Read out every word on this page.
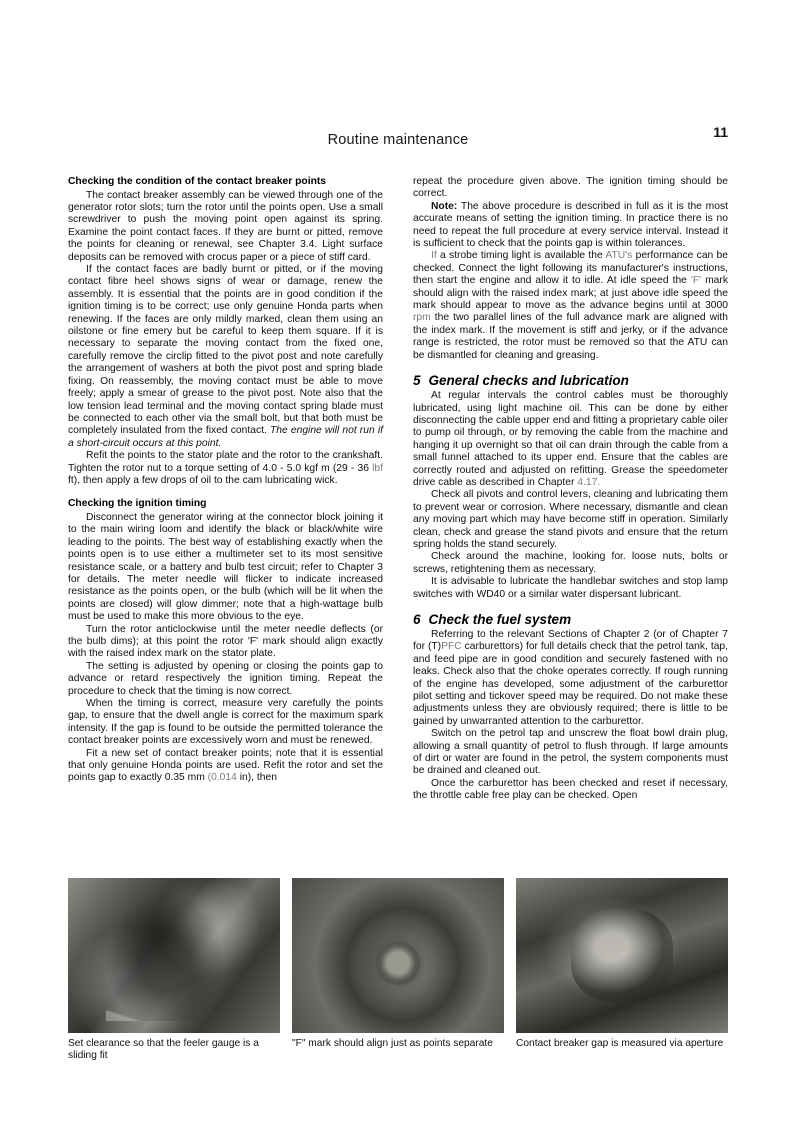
Routine maintenance	11
Checking the condition of the contact breaker points

The contact breaker assembly can be viewed through one of the generator rotor slots; turn the rotor until the points open. Use a small screwdriver to push the moving point open against its spring. Examine the point contact faces. If they are burnt or pitted, remove the points for cleaning or renewal, see Chapter 3.4. Light surface deposits can be removed with crocus paper or a piece of stiff card.

If the contact faces are badly burnt or pitted, or if the moving contact fibre heel shows signs of wear or damage, renew the assembly. It is essential that the points are in good condition if the ignition timing is to be correct; use only genuine Honda parts when renewing. If the faces are only mildly marked, clean them using an oilstone or fine emery but be careful to keep them square. If it is necessary to separate the moving contact from the fixed one, carefully remove the circlip fitted to the pivot post and note carefully the arrangement of washers at both the pivot post and spring blade fixing. On reassembly, the moving contact must be able to move freely; apply a smear of grease to the pivot post. Note also that the low tension lead terminal and the moving contact spring blade must be connected to each other via the small bolt, but that both must be completely insulated from the fixed contact. The engine will not run if a short-circuit occurs at this point.

Refit the points to the stator plate and the rotor to the crankshaft. Tighten the rotor nut to a torque setting of 4.0 - 5.0 kgf m (29 - 36 lbf ft), then apply a few drops of oil to the cam lubricating wick.

Checking the ignition timing

Disconnect the generator wiring at the connector block joining it to the main wiring loom and identify the black or black/white wire leading to the points. The best way of establishing exactly when the points open is to use either a multimeter set to its most sensitive resistance scale, or a battery and bulb test circuit; refer to Chapter 3 for details. The meter needle will flicker to indicate increased resistance as the points open, or the bulb (which will be lit when the points are closed) will glow dimmer; note that a high-wattage bulb must be used to make this more obvious to the eye.

Turn the rotor anticlockwise until the meter needle deflects (or the bulb dims); at this point the rotor 'F' mark should align exactly with the raised index mark on the stator plate.

The setting is adjusted by opening or closing the points gap to advance or retard respectively the ignition timing. Repeat the procedure to check that the timing is now correct.

When the timing is correct, measure very carefully the points gap, to ensure that the dwell angle is correct for the maximum spark intensity. If the gap is found to be outside the permitted tolerance the contact breaker points are excessively worn and must be renewed.

Fit a new set of contact breaker points; note that it is essential that only genuine Honda points are used. Refit the rotor and set the points gap to exactly 0.35 mm (0.014 in), then

repeat the procedure given above. The ignition timing should be correct.

Note: The above procedure is described in full as it is the most accurate means of setting the ignition timing. In practice there is no need to repeat the full procedure at every service interval. Instead it is sufficient to check that the points gap is within tolerances.

If a strobe timing light is available the ATU's performance can be checked. Connect the light following its manufacturer's instructions, then start the engine and allow it to idle. At idle speed the 'F' mark should align with the raised index mark; at just above idle speed the mark should appear to move as the advance begins until at 3000 rpm the two parallel lines of the full advance mark are aligned with the index mark. If the movement is stiff and jerky, or if the advance range is restricted, the rotor must be removed so that the ATU can be dismantled for cleaning and greasing.

5 General checks and lubrication

At regular intervals the control cables must be thoroughly lubricated, using light machine oil. This can be done by either disconnecting the cable upper end and fitting a proprietary cable oiler to pump oil through, or by removing the cable from the machine and hanging it up overnight so that oil can drain through the cable from a small funnel attached to its upper end. Ensure that the cables are correctly routed and adjusted on refitting. Grease the speedometer drive cable as described in Chapter 4.17.

Check all pivots and control levers, cleaning and lubricating them to prevent wear or corrosion. Where necessary, dismantle and clean any moving part which may have become stiff in operation. Similarly clean, check and grease the stand pivots and ensure that the return spring holds the stand securely.

Check around the machine, looking for. loose nuts, bolts or screws, retightening them as necessary.

It is advisable to lubricate the handlebar switches and stop lamp switches with WD40 or a similar water dispersant lubricant.

6 Check the fuel system

Referring to the relevant Sections of Chapter 2 (or of Chapter 7 for (T)PFC carburettors) for full details check that the petrol tank, tap, and feed pipe are in good condition and securely fastened with no leaks. Check also that the choke operates correctly. If rough running of the engine has developed, some adjustment of the carburettor pilot setting and tickover speed may be required. Do not make these adjustments unless they are obviously required; there is little to be gained by unwarranted attention to the carburettor.

Switch on the petrol tap and unscrew the float bowl drain plug, allowing a small quantity of petrol to flush through. If large amounts of dirt or water are found in the petrol, the system components must be drained and cleaned out.

Once the carburettor has been checked and reset if necessary, the throttle cable free play can be checked. Open

Set clearance so that the feeler gauge is a sliding fit
"F" mark should align just as points separate	Contact breaker gap is measured via aperture
